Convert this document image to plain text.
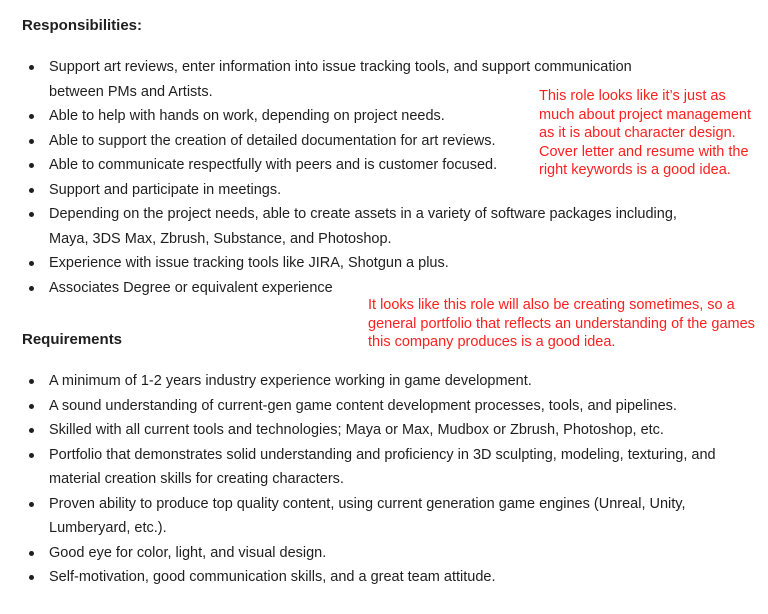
Responsibilities:
Support art reviews, enter information into issue tracking tools, and support communication between PMs and Artists.
Able to help with hands on work, depending on project needs.
Able to support the creation of detailed documentation for art reviews.
Able to communicate respectfully with peers and is customer focused.
Support and participate in meetings.
Depending on the project needs, able to create assets in a variety of software packages including, Maya, 3DS Max, Zbrush, Substance, and Photoshop.
Experience with issue tracking tools like JIRA, Shotgun a plus.
Associates Degree or equivalent experience
Requirements
A minimum of 1-2 years industry experience working in game development.
A sound understanding of current-gen game content development processes, tools, and pipelines.
Skilled with all current tools and technologies; Maya or Max, Mudbox or Zbrush, Photoshop, etc.
Portfolio that demonstrates solid understanding and proficiency in 3D sculpting, modeling, texturing, and material creation skills for creating characters.
Proven ability to produce top quality content, using current generation game engines (Unreal, Unity, Lumberyard, etc.).
Good eye for color, light, and visual design.
Self-motivation, good communication skills, and a great team attitude.

This role looks like it’s just as much about project management as it is about character design. Cover letter and resume with the right keywords is a good idea.

It looks like this role will also be creating sometimes, so a general portfolio that reflects an understanding of the games this company produces is a good idea.
